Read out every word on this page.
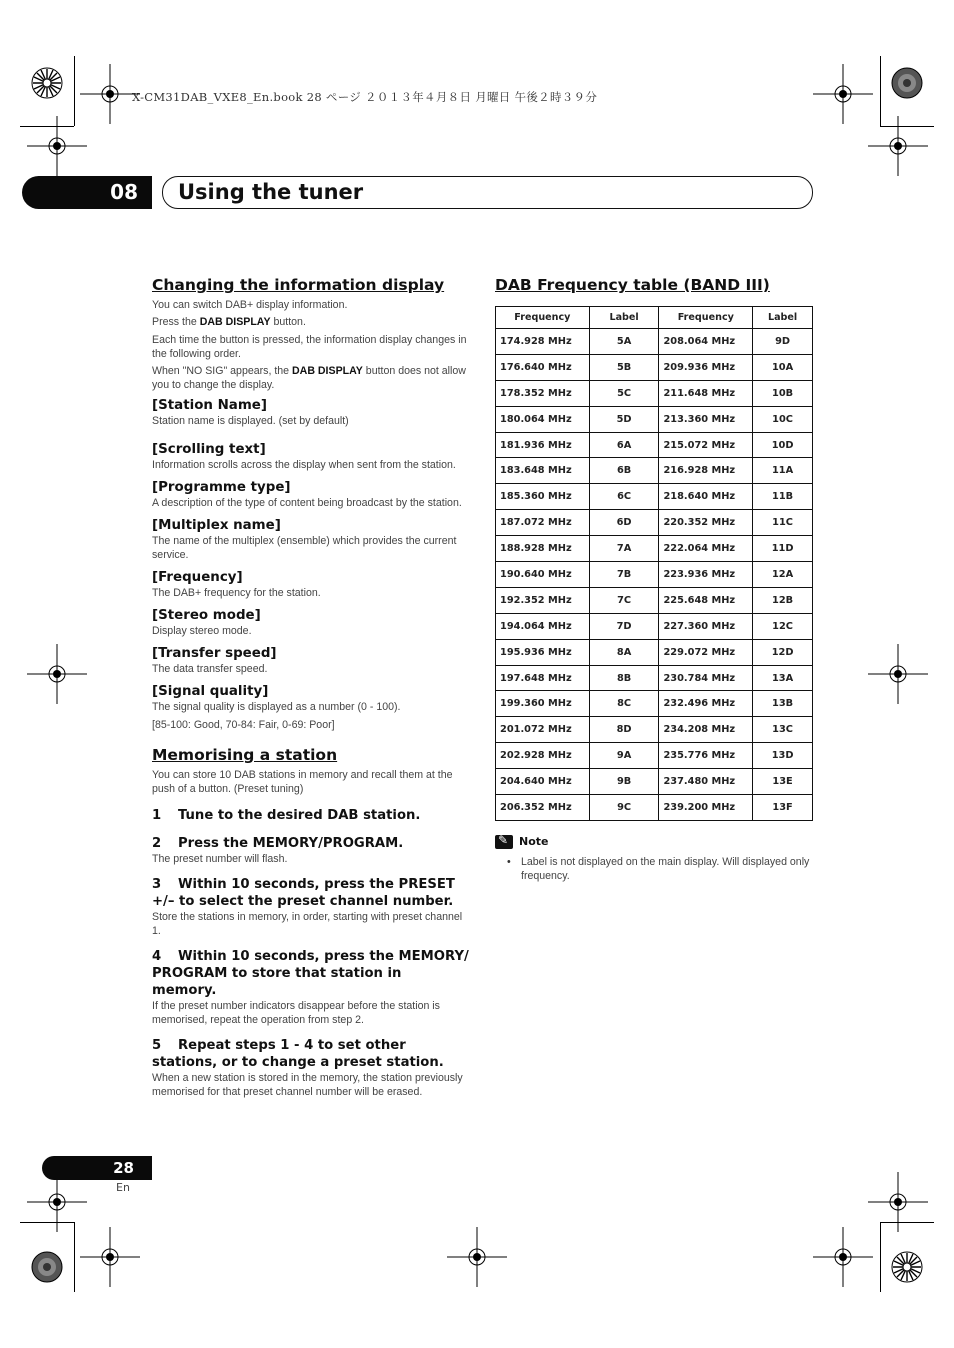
X-CM31DAB_VXE8_En.book 28 ページ ２０１３年４月８日 月曜日 午後２時３９分
08	Using the tuner
Changing the information display
You can switch DAB+ display information.
Press the DAB DISPLAY button.
Each time the button is pressed, the information display changes in the following order.
When "NO SIG" appears, the DAB DISPLAY button does not allow you to change the display.
[Station Name]
Station name is displayed. (set by default)
[Scrolling text]
Information scrolls across the display when sent from the station.
[Programme type]
A description of the type of content being broadcast by the station.
[Multiplex name]
The name of the multiplex (ensemble) which provides the current service.
[Frequency]
The DAB+ frequency for the station.
[Stereo mode]
Display stereo mode.
[Transfer speed]
The data transfer speed.
[Signal quality]
The signal quality is displayed as a number (0 - 100).
[85-100: Good, 70-84: Fair, 0-69: Poor]
Memorising a station
You can store 10 DAB stations in memory and recall them at the push of a button. (Preset tuning)
1 Tune to the desired DAB station.
2 Press the MEMORY/PROGRAM.
The preset number will flash.
3 Within 10 seconds, press the PRESET +/– to select the preset channel number.
Store the stations in memory, in order, starting with preset channel 1.
4 Within 10 seconds, press the MEMORY/ PROGRAM to store that station in memory.
If the preset number indicators disappear before the station is memorised, repeat the operation from step 2.
5 Repeat steps 1 - 4 to set other stations, or to change a preset station.
When a new station is stored in the memory, the station previously memorised for that preset channel number will be erased.
DAB Frequency table (BAND III)
Frequency	Label	Frequency	Label
174.928 MHz	5A	208.064 MHz	9D
176.640 MHz	5B	209.936 MHz	10A
178.352 MHz	5C	211.648 MHz	10B
180.064 MHz	5D	213.360 MHz	10C
181.936 MHz	6A	215.072 MHz	10D
183.648 MHz	6B	216.928 MHz	11A
185.360 MHz	6C	218.640 MHz	11B
187.072 MHz	6D	220.352 MHz	11C
188.928 MHz	7A	222.064 MHz	11D
190.640 MHz	7B	223.936 MHz	12A
192.352 MHz	7C	225.648 MHz	12B
194.064 MHz	7D	227.360 MHz	12C
195.936 MHz	8A	229.072 MHz	12D
197.648 MHz	8B	230.784 MHz	13A
199.360 MHz	8C	232.496 MHz	13B
201.072 MHz	8D	234.208 MHz	13C
202.928 MHz	9A	235.776 MHz	13D
204.640 MHz	9B	237.480 MHz	13E
206.352 MHz	9C	239.200 MHz	13F
✎
Note
• Label is not displayed on the main display. Will displayed only frequency.
28
En
